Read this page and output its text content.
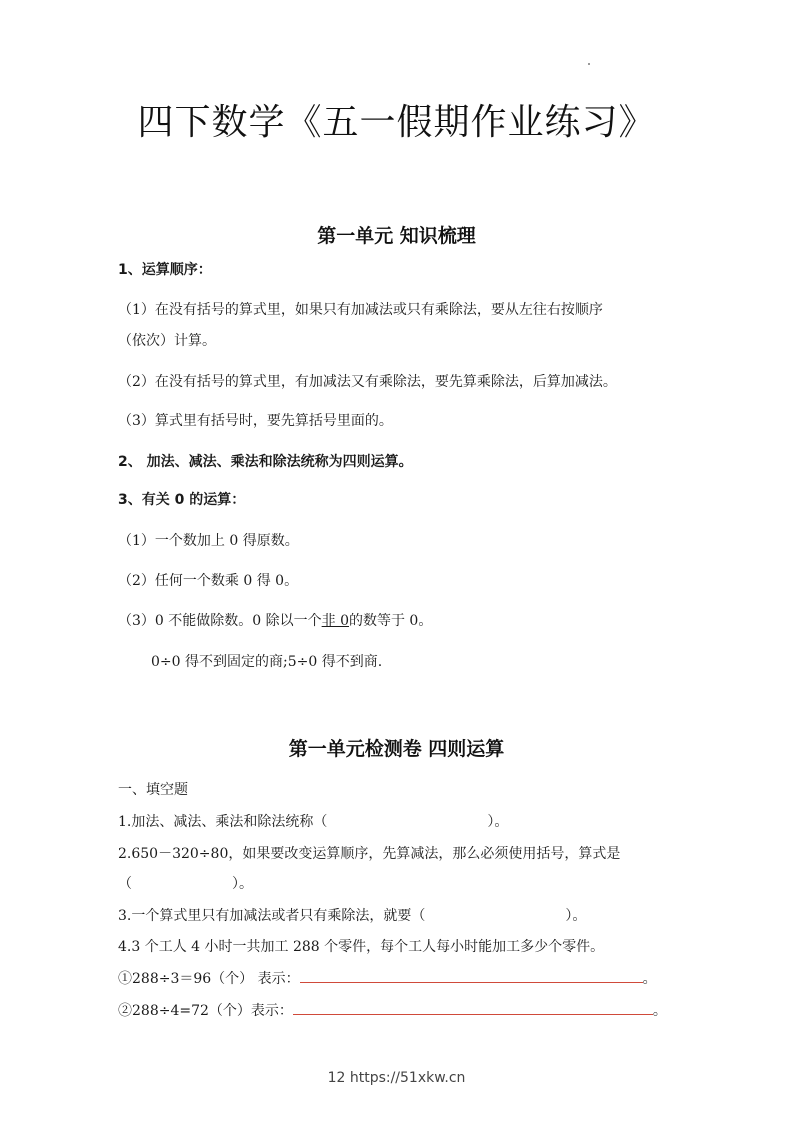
四下数学《五一假期作业练习》
第一单元 知识梳理
1、运算顺序：
（1）在没有括号的算式里，如果只有加减法或只有乘除法，要从左往右按顺序
（依次）计算。
（2）在没有括号的算式里，有加减法又有乘除法，要先算乘除法，后算加减法。
（3）算式里有括号时，要先算括号里面的。
2、 加法、减法、乘法和除法统称为四则运算。
3、有关 0 的运算：
（1）一个数加上 0 得原数。
（2）任何一个数乘 0 得 0。
（3）0 不能做除数。0 除以一个非 0的数等于 0。
0÷0 得不到固定的商;5÷0 得不到商.
第一单元检测卷 四则运算
一、填空题
1.加法、减法、乘法和除法统称（	）。
2.650－320÷80，如果要改变运算顺序，先算减法，那么必须使用括号，算式是
（	）。
3.一个算式里只有加减法或者只有乘除法，就要（	）。
4.3 个工人 4 小时一共加工 288 个零件，每个工人每小时能加工多少个零件。
①288÷3＝96（个） 表示：	。
②288÷4=72（个）表示：	。
12 https://51xkw.cn
